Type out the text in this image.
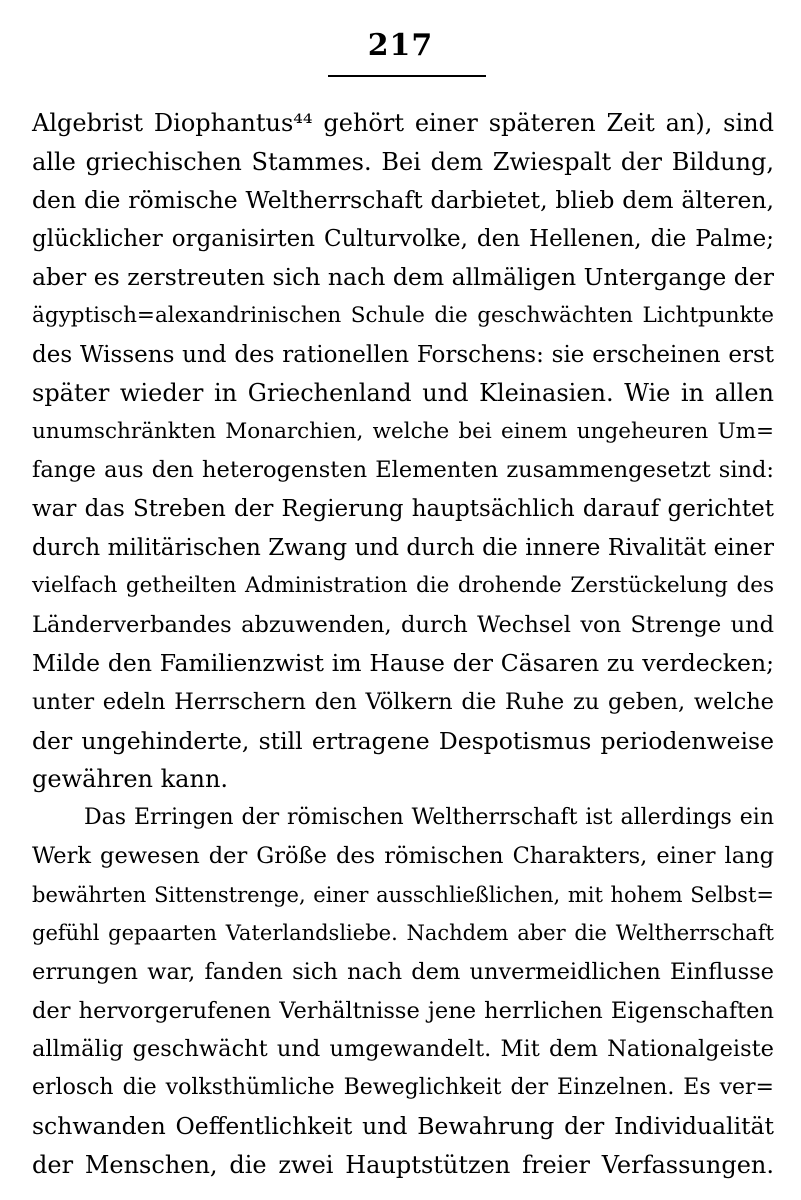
217
Algebrist Diophantus⁴⁴ gehört einer späteren Zeit an), sind
alle griechischen Stammes. Bei dem Zwiespalt der Bildung,
den die römische Weltherrschaft darbietet, blieb dem älteren,
glücklicher organisirten Culturvolke, den Hellenen, die Palme;
aber es zerstreuten sich nach dem allmäligen Untergange der
ägyptisch=alexandrinischen Schule die geschwächten Lichtpunkte
des Wissens und des rationellen Forschens: sie erscheinen erst
später wieder in Griechenland und Kleinasien. Wie in allen
unumschränkten Monarchien, welche bei einem ungeheuren Um=
fange aus den heterogensten Elementen zusammengesetzt sind:
war das Streben der Regierung hauptsächlich darauf gerichtet
durch militärischen Zwang und durch die innere Rivalität einer
vielfach getheilten Administration die drohende Zerstückelung des
Länderverbandes abzuwenden, durch Wechsel von Strenge und
Milde den Familienzwist im Hause der Cäsaren zu verdecken;
unter edeln Herrschern den Völkern die Ruhe zu geben, welche
der ungehinderte, still ertragene Despotismus periodenweise
gewähren kann.
Das Erringen der römischen Weltherrschaft ist allerdings ein
Werk gewesen der Größe des römischen Charakters, einer lang
bewährten Sittenstrenge, einer ausschließlichen, mit hohem Selbst=
gefühl gepaarten Vaterlandsliebe. Nachdem aber die Weltherrschaft
errungen war, fanden sich nach dem unvermeidlichen Einflusse
der hervorgerufenen Verhältnisse jene herrlichen Eigenschaften
allmälig geschwächt und umgewandelt. Mit dem Nationalgeiste
erlosch die volksthümliche Beweglichkeit der Einzelnen. Es ver=
schwanden Oeffentlichkeit und Bewahrung der Individualität
der Menschen, die zwei Hauptstützen freier Verfassungen.
